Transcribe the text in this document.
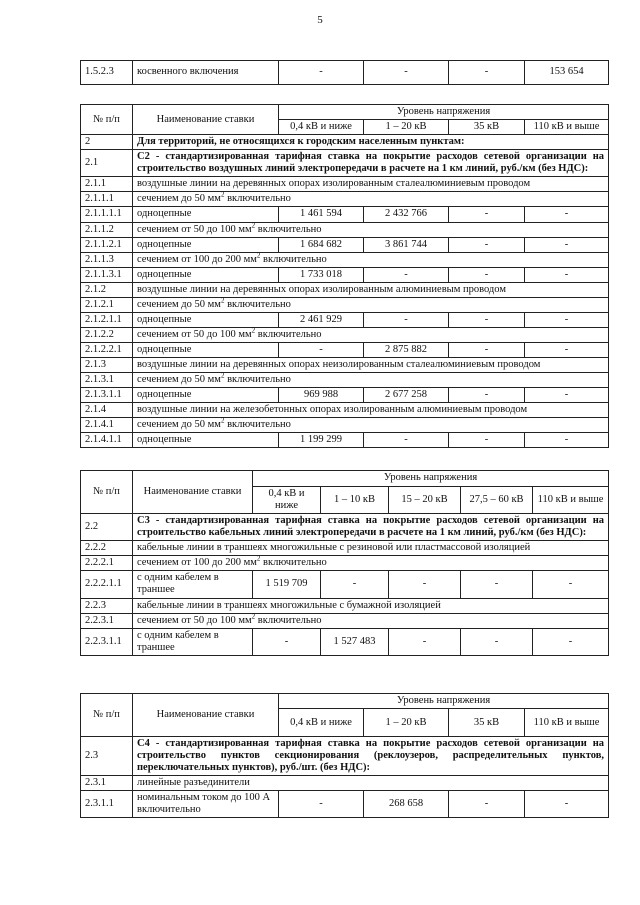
5
1.5.2.3	косвенного включения	-	-	-	153 654
№ п/п	Наименование ставки	Уровень напряжения			
		0,4 кВ и ниже	1 – 20 кВ	35 кВ	110 кВ и выше
2	Для территорий, не относящихся к городским населенным пунктам:				
2.1	С2 - стандартизированная тарифная ставка на покрытие расходов сетевой организации на строительство воздушных линий электропередачи в расчете на 1 км линий, руб./км (без НДС):				
2.1.1	воздушные линии на деревянных опорах изолированным сталеалюминиевым проводом				
2.1.1.1	сечением до 50 $мм^2$ включительно				
2.1.1.1.1	одноцепные	1 461 594	2 432 766	-	-
2.1.1.2	сечением от 50 до 100 $мм^2$ включительно				
2.1.1.2.1	одноцепные	1 684 682	3 861 744	-	-
2.1.1.3	сечением от 100 до 200 $мм^2$ включительно				
2.1.1.3.1	одноцепные	1 733 018	-	-	-
2.1.2	воздушные линии на деревянных опорах изолированным алюминиевым проводом				
2.1.2.1	сечением до 50 $мм^2$ включительно				
2.1.2.1.1	одноцепные	2 461 929	-	-	-
2.1.2.2	сечением от 50 до 100 $мм^2$ включительно				
2.1.2.2.1	одноцепные	-	2 875 882	-	-
2.1.3	воздушные линии на деревянных опорах неизолированным сталеалюминиевым проводом				
2.1.3.1	сечением до 50 $мм^2$ включительно				
2.1.3.1.1	одноцепные	969 988	2 677 258	-	-
2.1.4	воздушные линии на железобетонных опорах изолированным алюминиевым проводом				
2.1.4.1	сечением до 50 $мм^2$ включительно				
2.1.4.1.1	одноцепные	1 199 299	-	-	-
№ п/п	Наименование ставки	Уровень напряжения				
		0,4 кВ и ниже	1 – 10 кВ	15 – 20 кВ	27,5 – 60 кВ	110 кВ и выше
2.2	С3 - стандартизированная тарифная ставка на покрытие расходов сетевой организации на строительство кабельных линий электропередачи в расчете на 1 км линий, руб./км (без НДС):					
2.2.2	кабельные линии в траншеях многожильные с резиновой или пластмассовой изоляцией					
2.2.2.1	сечением от 100 до 200 $мм^2$ включительно					
2.2.2.1.1	с одним кабелем в траншее	1 519 709	-	-	-	-
2.2.3	кабельные линии в траншеях многожильные с бумажной изоляцией					
2.2.3.1	сечением от 50 до 100 $мм^2$ включительно					
2.2.3.1.1	с одним кабелем в траншее	-	1 527 483	-	-	-
№ п/п	Наименование ставки	Уровень напряжения			
		0,4 кВ и ниже	1 – 20 кВ	35 кВ	110 кВ и выше
2.3	С4 - стандартизированная тарифная ставка на покрытие расходов сетевой организации на строительство пунктов секционирования (реклоузеров, распределительных пунктов, переключательных пунктов), руб./шт. (без НДС):				
2.3.1	линейные разъединители				
2.3.1.1	номинальным током до 100 А включительно	-	268 658	-	-
